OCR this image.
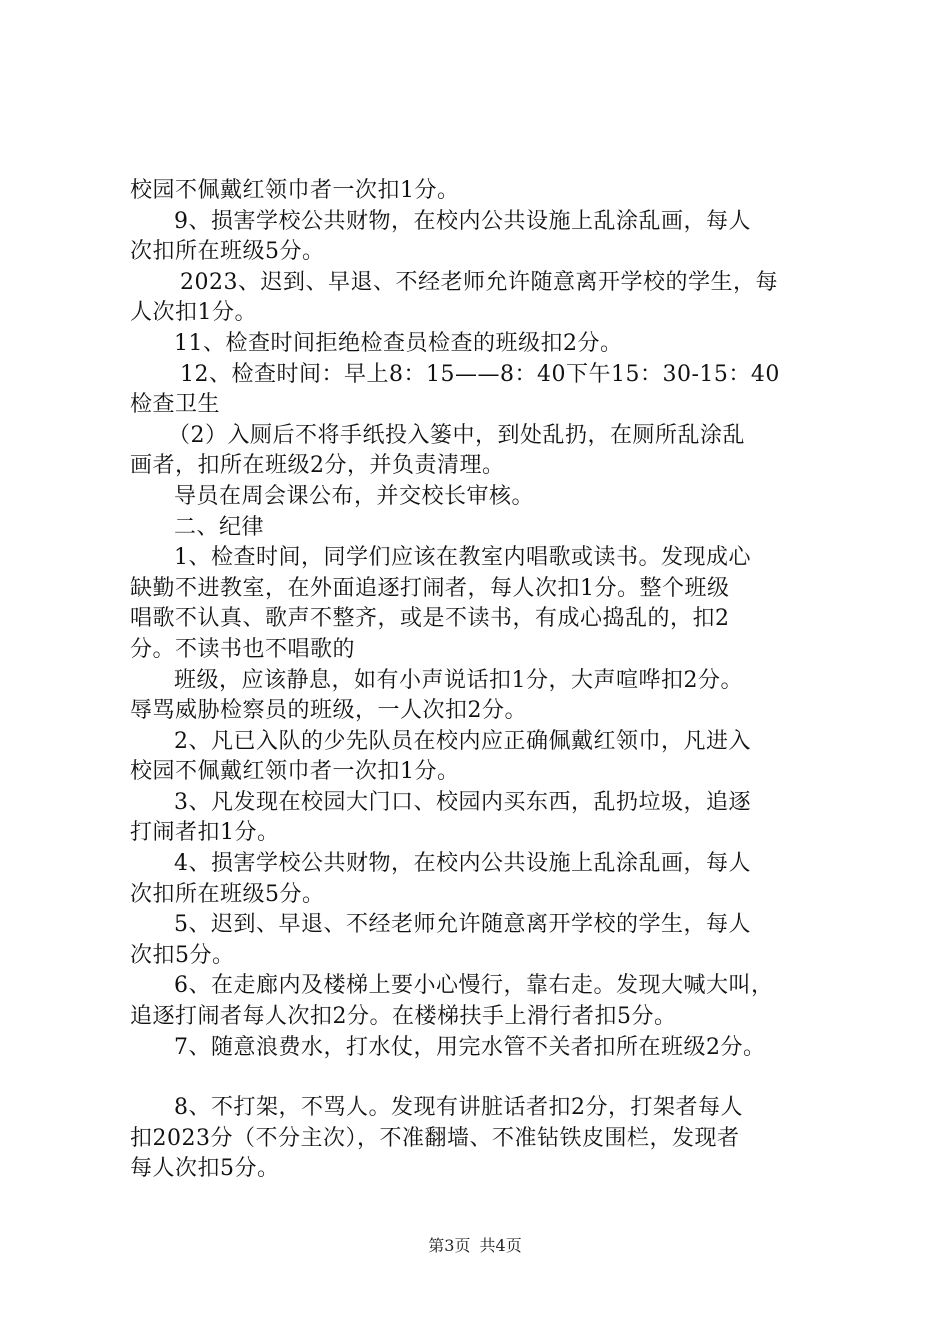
校园不佩戴红领巾者一次扣1分。
9、损害学校公共财物，在校内公共设施上乱涂乱画，每人
次扣所在班级5分。
2023、迟到、早退、不经老师允许随意离开学校的学生，每
人次扣1分。
11、检查时间拒绝检查员检查的班级扣2分。
12、检查时间：早上8：15——8：40下午15：30-15：40
检查卫生
（2）入厕后不将手纸投入篓中，到处乱扔，在厕所乱涂乱
画者，扣所在班级2分，并负责清理。
导员在周会课公布，并交校长审核。
二、纪律
1、检查时间，同学们应该在教室内唱歌或读书。发现成心
缺勤不进教室，在外面追逐打闹者，每人次扣1分。整个班级
唱歌不认真、歌声不整齐，或是不读书，有成心捣乱的，扣2
分。不读书也不唱歌的
班级，应该静息，如有小声说话扣1分，大声喧哗扣2分。
辱骂威胁检察员的班级，一人次扣2分。
2、凡已入队的少先队员在校内应正确佩戴红领巾，凡进入
校园不佩戴红领巾者一次扣1分。
3、凡发现在校园大门口、校园内买东西，乱扔垃圾，追逐
打闹者扣1分。
4、损害学校公共财物，在校内公共设施上乱涂乱画，每人
次扣所在班级5分。
5、迟到、早退、不经老师允许随意离开学校的学生，每人
次扣5分。
6、在走廊内及楼梯上要小心慢行，靠右走。发现大喊大叫，
追逐打闹者每人次扣2分。在楼梯扶手上滑行者扣5分。
7、随意浪费水，打水仗，用完水管不关者扣所在班级2分。
8、不打架，不骂人。发现有讲脏话者扣2分，打架者每人
扣2023分（不分主次），不准翻墙、不准钻铁皮围栏，发现者
每人次扣5分。
第3页 共4页
